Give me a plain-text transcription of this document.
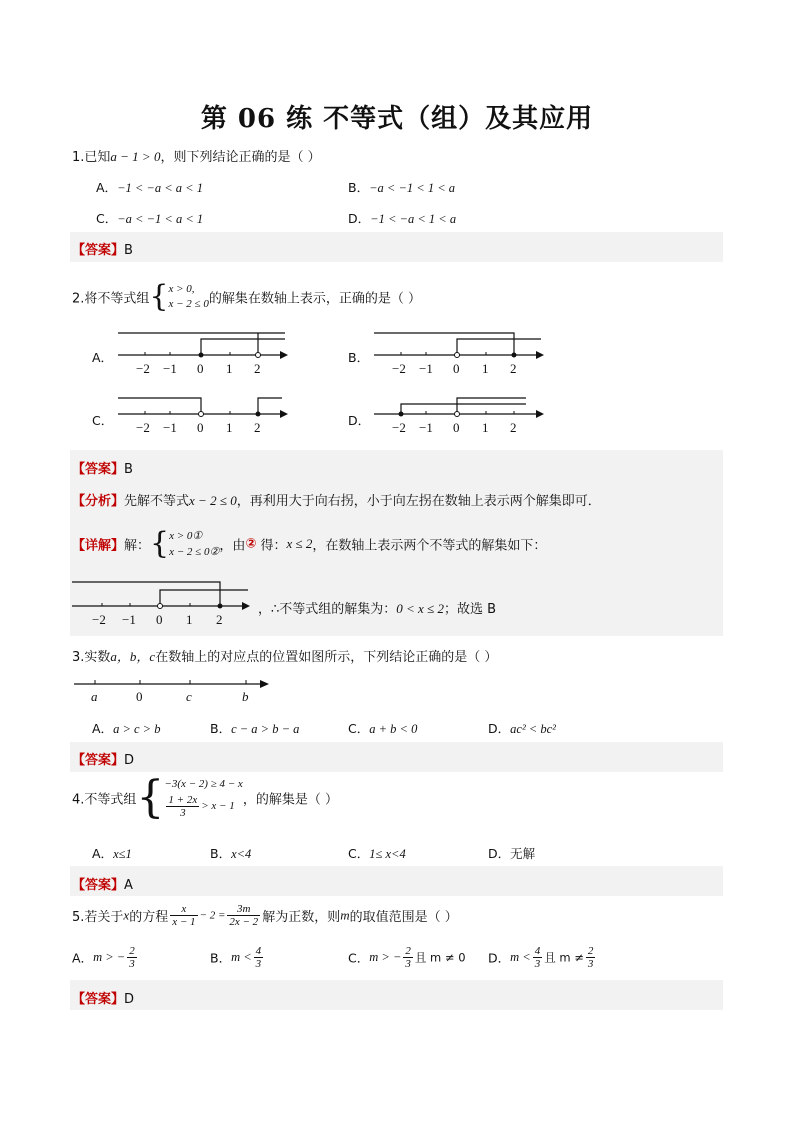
第 06 练 不等式（组）及其应用
1.已知a − 1 > 0，则下列结论正确的是（ ）
A．−1 < −a < a < 1	B．−a < −1 < 1 < a
C．−a < −1 < a < 1	D．−1 < −a < 1 < a
【答案】B
2.将不等式组{ x > 0,
x − 2 ≤ 0 的解集在数轴上表示，正确的是（ ）
A．	B．
C．	D．
−2 −1 0 1 2	−2 −1 0 1 2
−2 −1 0 1 2	−2 −1 0 1 2
【答案】B
【分析】先解不等式x − 2 ≤ 0，再利用大于向右拐，小于向左拐在数轴上表示两个解集即可．
【详解】解：{ x > 0①
x − 2 ≤ 0② ，由② 得：x ≤ 2，在数轴上表示两个不等式的解集如下：
−2 −1 0 1 2
，∴不等式组的解集为：0 < x ≤ 2；故选 B
3.实数a，b，c在数轴上的对应点的位置如图所示，下列结论正确的是（ ）
a	0	c	b
A．a > c > b	B．c − a > b − a	C．a + b < 0	D．ac² < bc²
【答案】D
4.不等式组{ −3(x − 2) ≥ 4 − x
$\frac{1 + 2x}{3} > x - 1$ ，的解集是（ ）
A．x≤1	B．x<4	C．1≤ x<4	D．无解
【答案】A
5.若关于x的方程 $\frac{x}{x - 1} - 2 = \frac{3m}{2x - 2}$ 解为正数，则m的取值范围是（ ）
A．m > − $\frac{2}{3}$	B．$m < \frac{4}{3}$	C．m > − $\frac{2}{3}$ 且 m ≠ 0 D．$m < \frac{4}{3}$ 且 $m \ne \frac{2}{3}$
【答案】D
